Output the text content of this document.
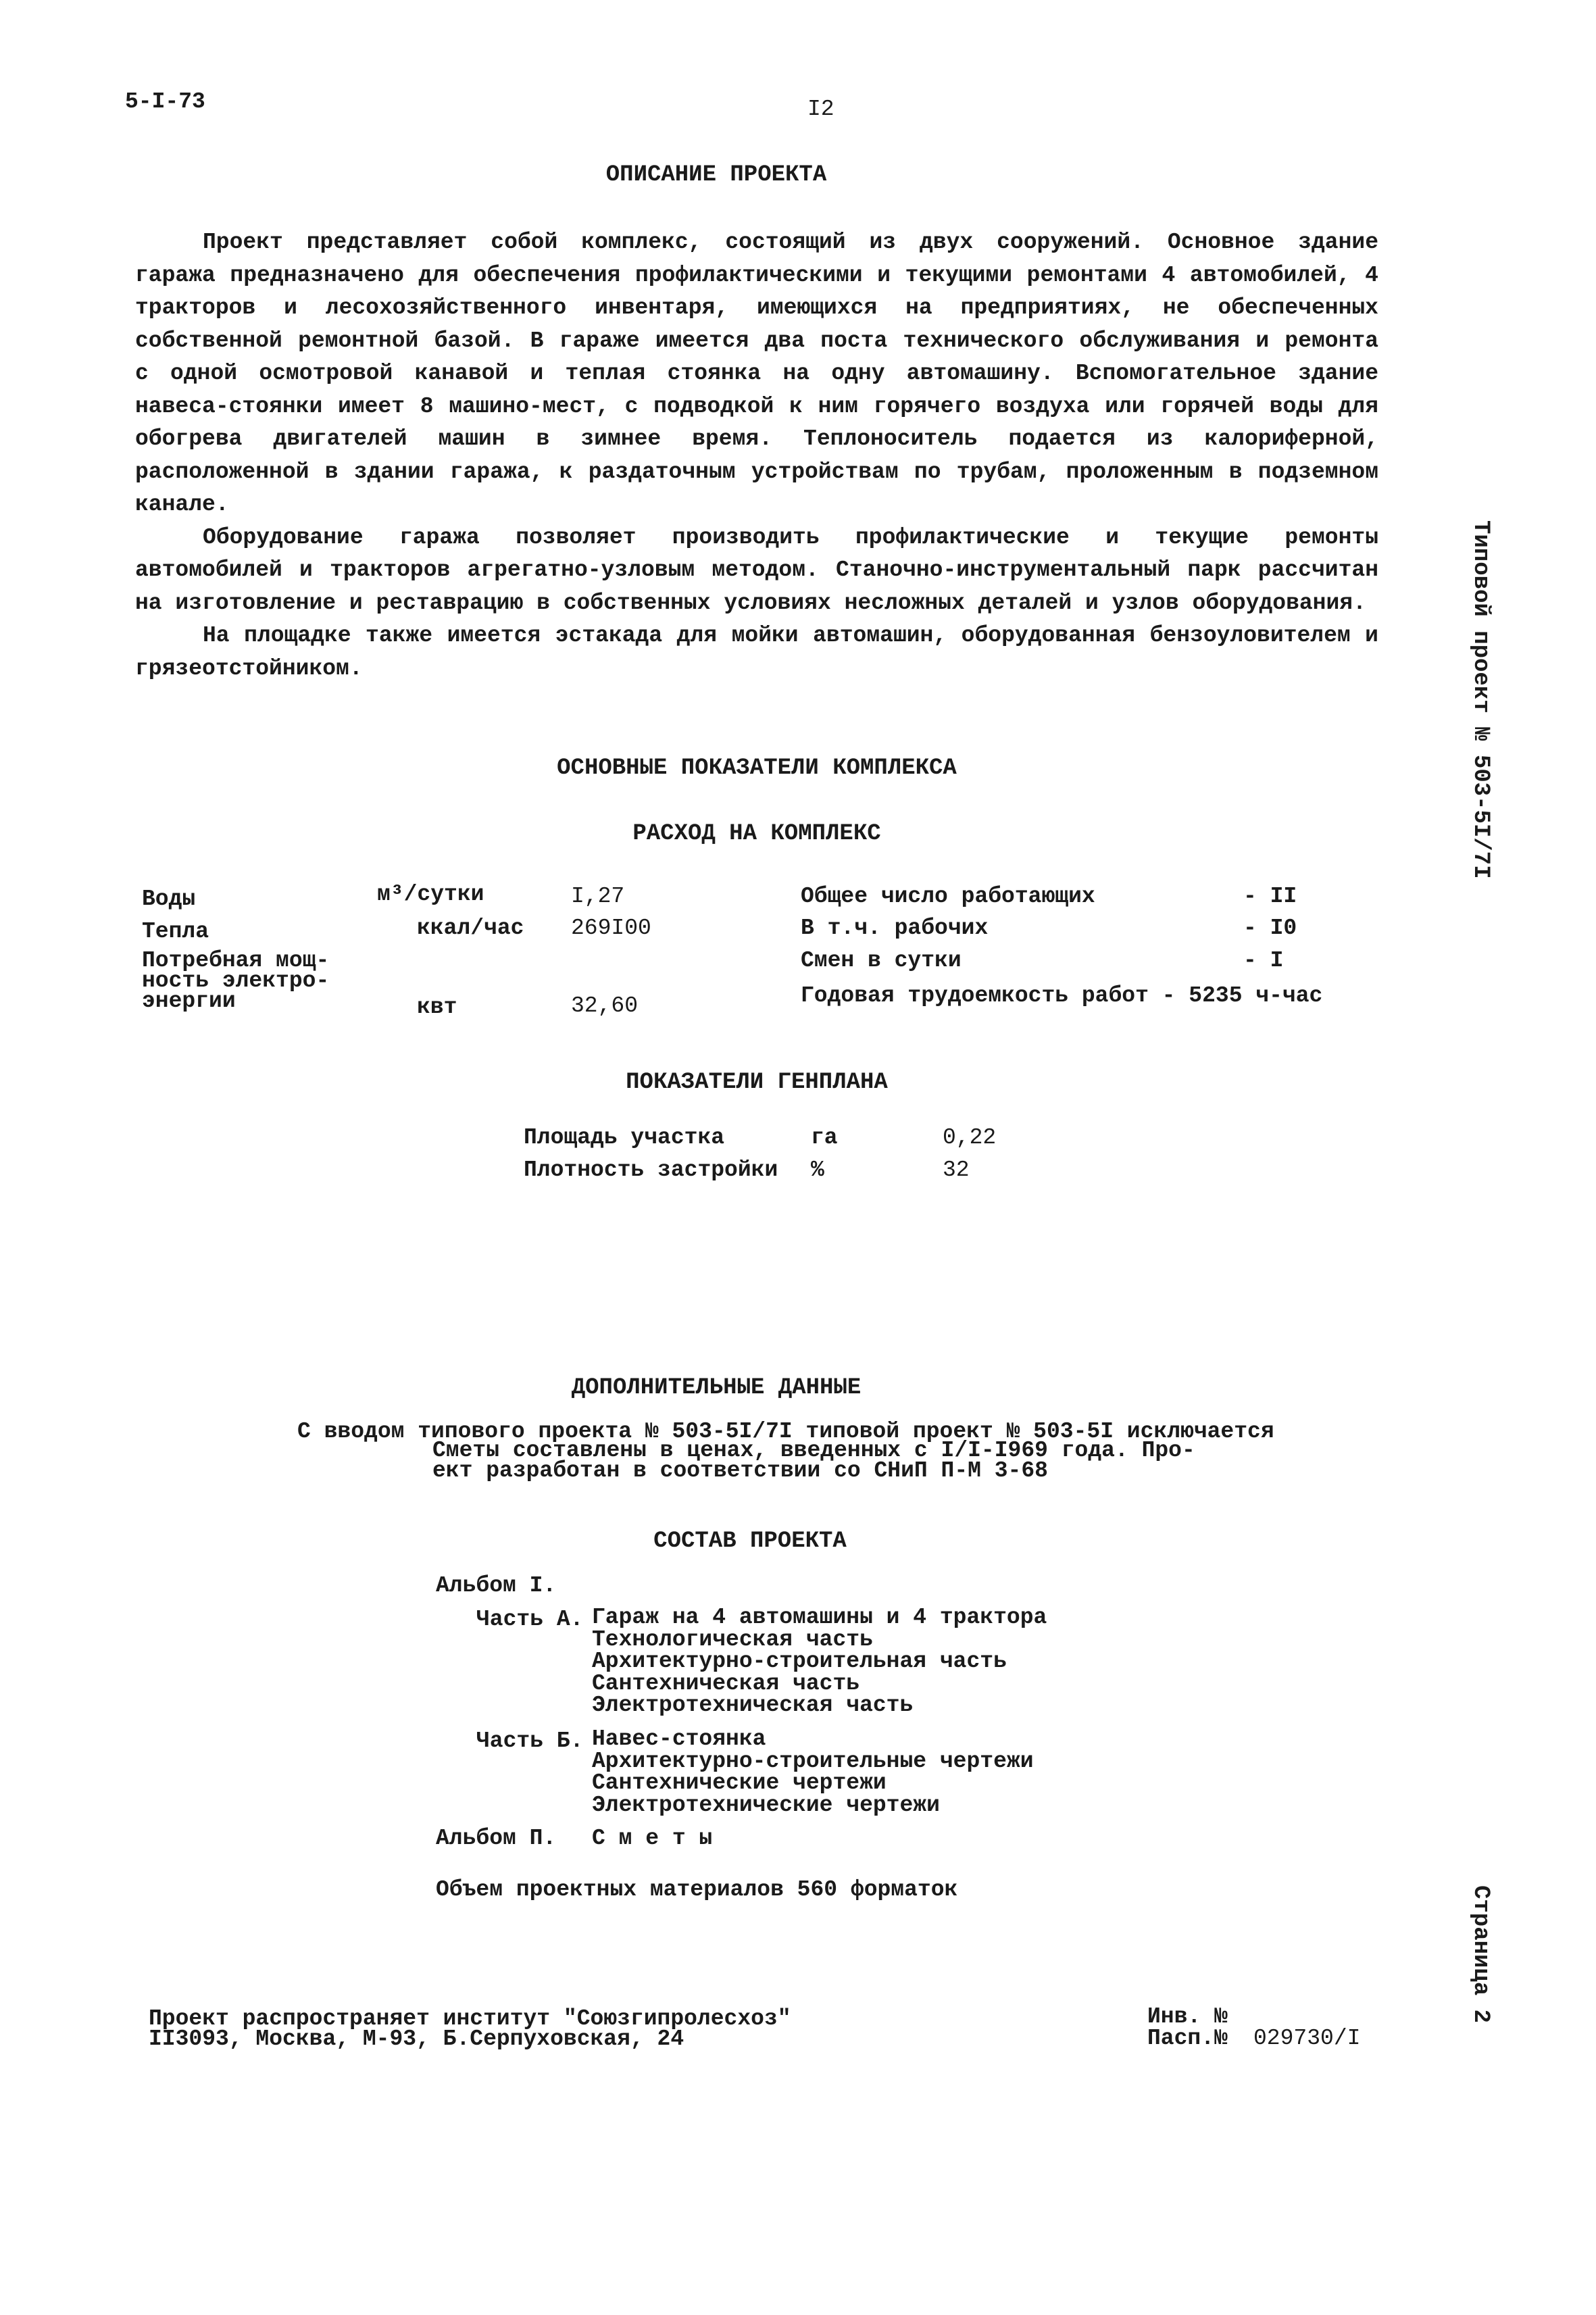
5-I-73	I2
ОПИСАНИЕ ПРОЕКТА

Проект представляет собой комплекс, состоящий из двух сооружений. Основное здание гаража предназначено для обеспечения профилактическими и текущими ремонтами 4 автомобилей, 4 тракторов и лесохозяйственного инвентаря, имеющихся на предприятиях, не обеспеченных собственной ремонтной базой. В гараже имеется два поста технического обслуживания и ремонта с одной осмотровой канавой и теплая стоянка на одну автомашину. Вспомогательное здание навеса-стоянки имеет 8 машино-мест, с подводкой к ним горячего воздуха или горячей воды для обогрева двигателей машин в зимнее время. Теплоноситель подается из калориферной, расположенной в здании гаража, к раздаточным устройствам по трубам, проложенным в подземном канале.

Оборудование гаража позволяет производить профилактические и текущие ремонты автомобилей и тракторов агрегатно-узловым методом. Станочно-инструментальный парк рассчитан на изготовление и реставрацию в собственных условиях несложных деталей и узлов оборудования.

На площадке также имеется эстакада для мойки автомашин, оборудованная бензоуловителем и грязеотстойником.	Типовой проект № 503-5I/7I
Страница 2
ОСНОВНЫЕ ПОКАЗАТЕЛИ КОМПЛЕКСА
РАСХОД НА КОМПЛЕКС
Воды	м³/сутки	I,27
Тепла	ккал/час 269I00
Потребная мощ-
ность электро-
энергии	квт	32,60
Общее число работающих	- II
В т.ч. рабочих	- I0
Смен в сутки	- I
Годовая трудоемкость работ - 5235 ч-час
ПОКАЗАТЕЛИ ГЕНПЛАНА
Площадь участка	га	0,22
Плотность застройки %	32
ДОПОЛНИТЕЛЬНЫЕ ДАННЫЕ
С вводом типового проекта № 503-5I/7I типовой проект № 503-5I исключается
Сметы составлены в ценах, введенных с I/I-I969 года. Про-
ект разработан в соответствии со СНиП П-М 3-68
СОСТАВ ПРОЕКТА
Альбом I.
Часть А. Гараж на 4 автомашины и 4 трактора
Технологическая часть
Архитектурно-строительная часть
Сантехническая часть
Электротехническая часть
Часть Б. Навес-стоянка
Архитектурно-строительные чертежи
Сантехнические чертежи
Электротехнические чертежи
Альбом П. С м е т ы
Объем проектных материалов 560 форматок
Проект распространяет институт "Союзгипролесхоз"
II3093, Москва, М-93, Б.Серпуховская, 24
Инв. №
Пасп.№ 029730/I
